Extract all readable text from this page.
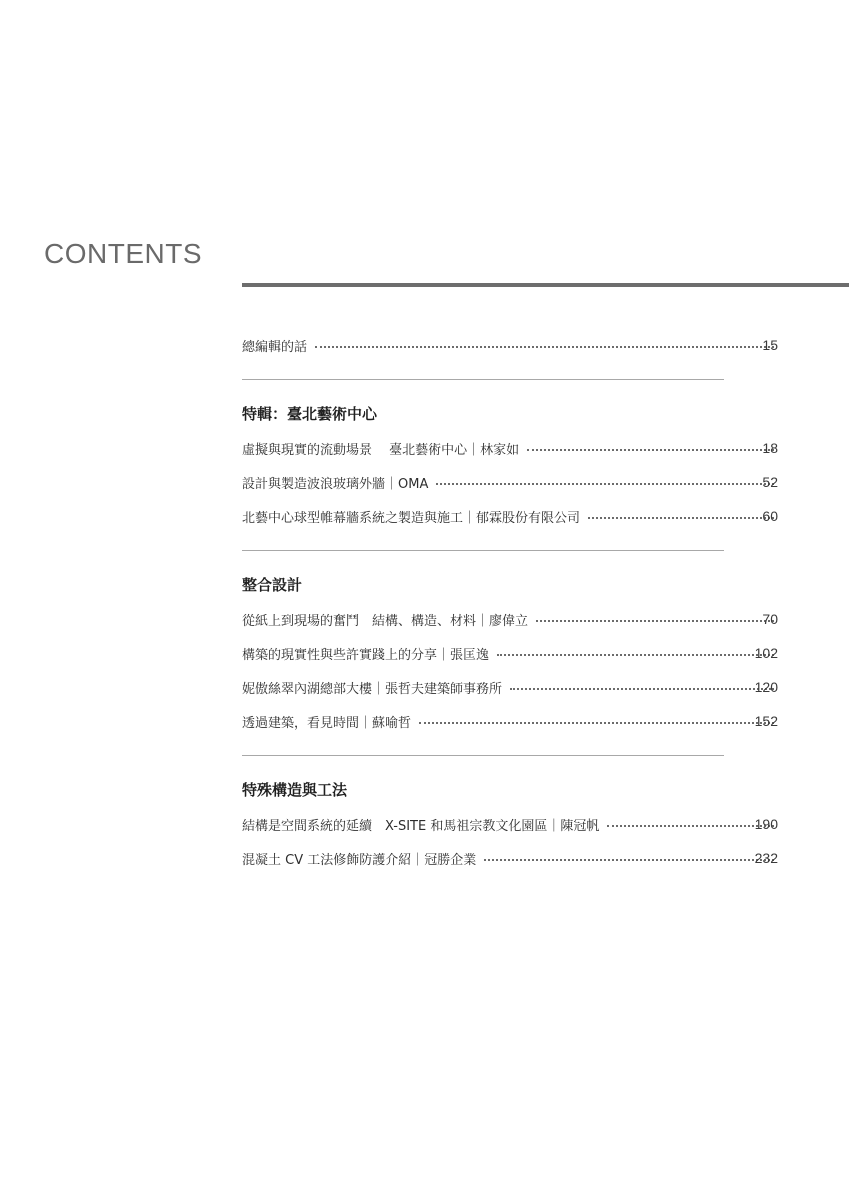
CONTENTS
總編輯的話	15
特輯：臺北藝術中心
虛擬與現實的流動場景　 臺北藝術中心｜林家如	18
設計與製造波浪玻璃外牆｜OMA	52
北藝中心球型帷幕牆系統之製造與施工｜郁霖股份有限公司	60
整合設計
從紙上到現場的奮鬥　結構、構造、材料｜廖偉立	70
構築的現實性與些許實踐上的分享｜張匡逸	102
妮傲絲翠內湖總部大樓｜張哲夫建築師事務所	120
透過建築，看見時間｜蘇喻哲	152
特殊構造與工法
結構是空間系統的延續　X-SITE 和馬祖宗教文化園區｜陳冠帆	190
混凝土 CV 工法修飾防護介紹｜冠勝企業	232
